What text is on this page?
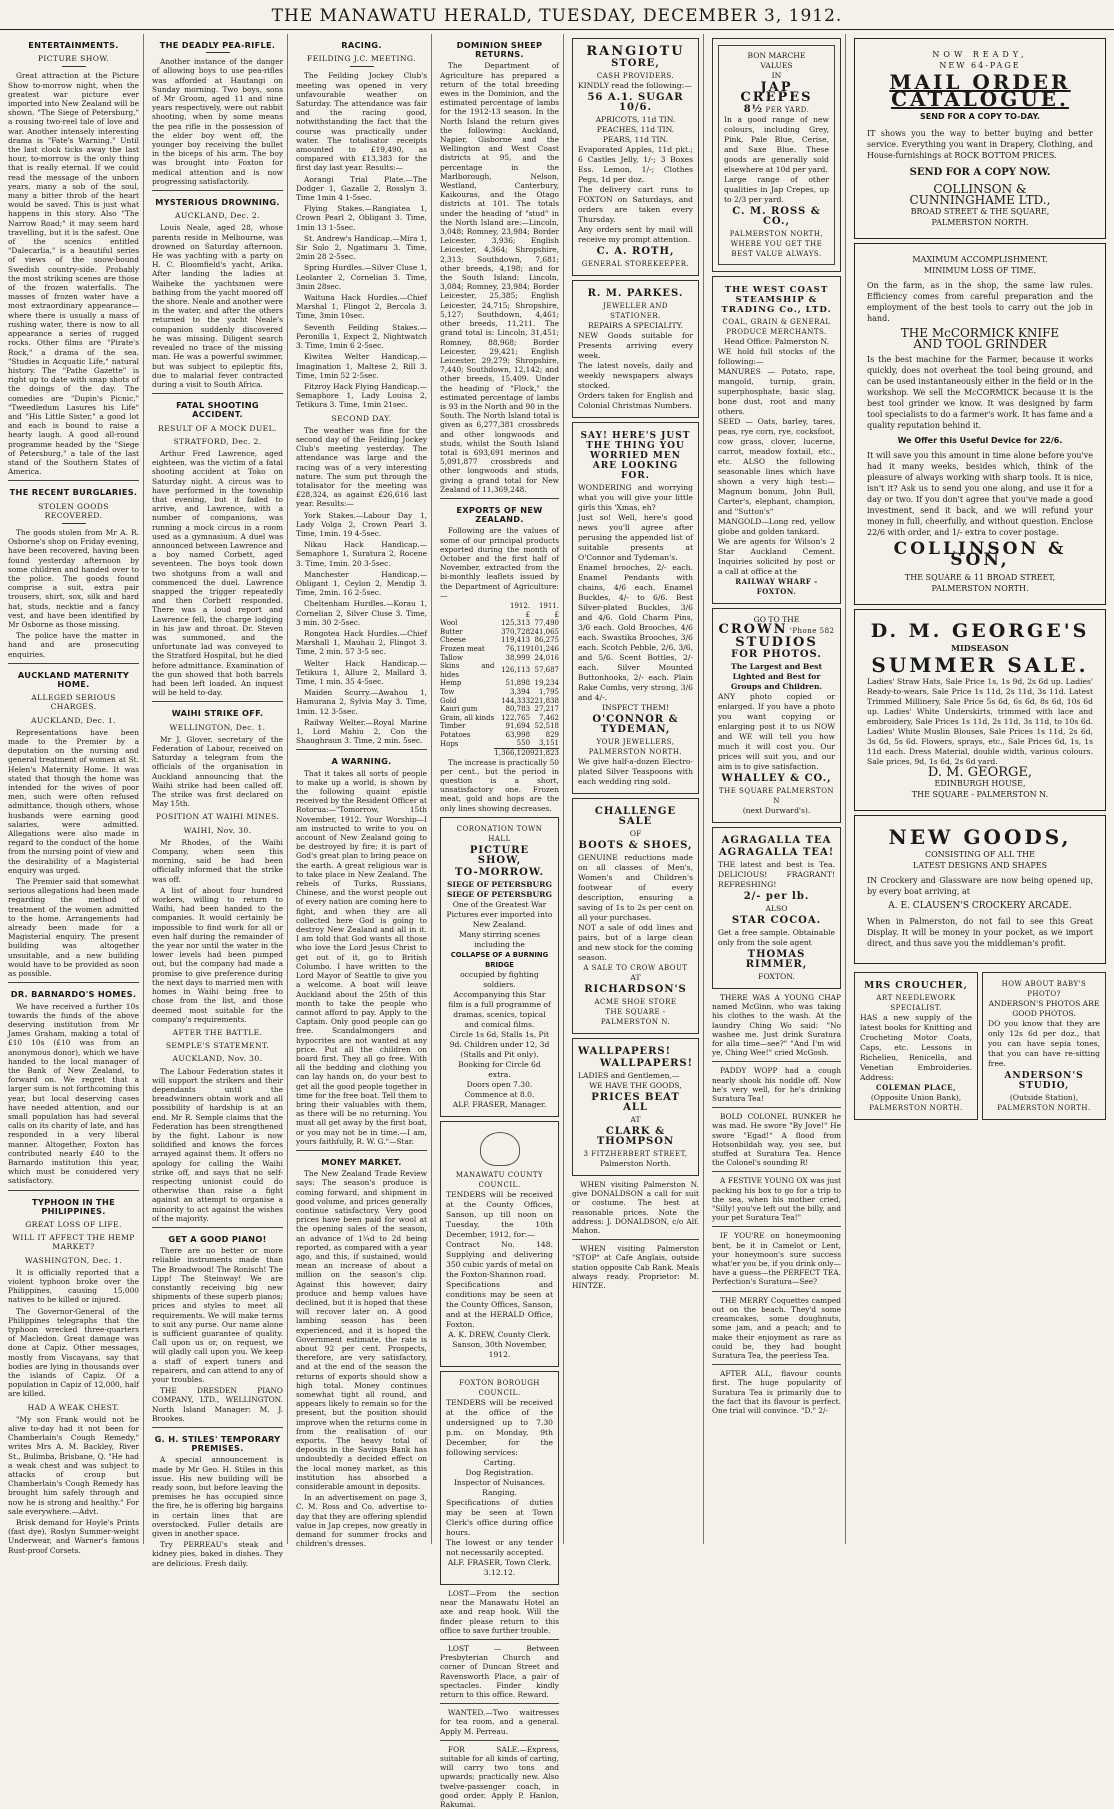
THE MANAWATU HERALD, TUESDAY, DECEMBER 3, 1912.
ENTERTAINMENTS.
PICTURE SHOW.

Great attraction at the Picture Show to-morrow night, when the greatest war picture ever imported into New Zealand will be shown. "The Siege of Petersburg," a rousing two-reel tale of love and war. Another intensely interesting drama is "Fate's Warning." Until the last clock ticks away the last hour, to-morrow is the only thing that is really eternal. If we could read the message of the unborn years, many a sob of the soul, many a bitter throb of the heart would be saved. This is just what happens in this story. Also "The Narrow Road;" it may seem hard travelling, but it is the safest. One of the scenics entitled "Dalecarlia," is a beautiful series of views of the snow-bound Swedish country-side. Probably the most striking scenes are those of the frozen waterfalls. The masses of frozen water have a most extraordinary appearance—where there is usually a mass of rushing water, there is now to all appearance a series of rugged rocks. Other films are "Pirate's Rock," a drama of the sea. "Studies in Acquatic Life," natural history. The "Pathe Gazette" is right up to date with snap shots of the doings of the day. The comedies are "Dupin's Picnic," "Tweedledum Lasures his Life" and "His Little Sister," a good lot and each is bound to raise a hearty laugh. A good all-round programme headed by the "Siege of Petersburg," a tale of the last stand of the Southern States of America.

THE RECENT BURGLARIES.
STOLEN GOODS RECOVERED.

The goods stolen from Mr A. R. Osborne's shop on Friday evening, have been recovered, having been found yesterday afternoon by some children and handed over to the police. The goods found comprise a suit, extra pair trousers, shirt, sox, silk and hard hat, studs, necktie and a fancy vest, and have been identified by Mr Osborne as those missing.

The police have the matter in hand and are prosecuting enquiries.

AUCKLAND MATERNITY HOME.
ALLEGED SERIOUS CHARGES.
AUCKLAND, Dec. 1.

Representations have been made to the Premier by a deputation on the nursing and general treatment of women at St. Helen's Maternity Home. It was stated that though the home was intended for the wives of poor men, such were often refused admittance, though others, whose husbands were earning good salaries, were admitted. Allegations were also made in regard to the conduct of the home from the nursing point of view and the desirability of a Magisterial enquiry was urged.

The Premier said that somewhat serious allegations had been made regarding the method of treatment of the women admitted to the home. Arrangements had already been made for a Magisterial enquiry. The present building was altogether unsuitable, and a new building would have to be provided as soon as possible.

DR. BARNARDO'S HOMES.

We have received a further 10s towards the funds of the above deserving institution from Mr James Graham, making a total of £10 10s (£10 was from an anonymous donor), which we have handed to the local manager of the Bank of New Zealand, to forward on. We regret that a larger sum is not forthcoming this year, but local deserving cases have needed attention, and our small population has had several calls on its charity of late, and has responded in a very liberal manner. Altogether, Foxton has contributed nearly £40 to the Barnardo institution this year, which must be considered very satisfactory.

TYPHOON IN THE PHILIPPINES.
GREAT LOSS OF LIFE.
WILL IT AFFECT THE HEMP MARKET?
WASHINGTON, Dec. 1.

It is officially reported that a violent typhoon broke over the Philippines, causing 15,000 natives to be killed or injured.

The Governor-General of the Philippines telegraphs that the typhoon wrecked three-quarters of Macledon. Great damage was done at Capiz. Other messages, mostly from Viscayans, say that bodies are lying in thousands over the islands of Capiz. Of a population in Capiz of 12,000, half are killed.

HAD A WEAK CHEST.

"My son Frank would not be alive to-day had it not been for Chamberlain's Cough Remedy," writes Mrs A. M. Backley, River St., Bulimba, Brisbane, Q. "He had a weak chest and was subject to attacks of croup but Chamberlain's Cough Remedy has brought him safely through and now he is strong and healthy." For sale everywhere.—Advt.

Brisk demand for Hoyle's Prints (fast dye), Roslyn Summer-weight Underwear, and Warner's famous Rust-proof Corsets.

THE DEADLY PEA-RIFLE.

Another instance of the danger of allowing boys to use pea-rifles was afforded at Hautangi on Sunday morning. Two boys, sons of Mr Groom, aged 11 and nine years respectively, were out rabbit shooting, when by some means the pea rifle in the possession of the elder boy went off, the younger boy receiving the bullet in the biceps of his arm. The boy was brought into Foxton for medical attention and is now progressing satisfactorily.

MYSTERIOUS DROWNING.
AUCKLAND, Dec. 2.

Louis Neale, aged 28, whose parents reside in Melbourne, was drowned on Saturday afternoon. He was yachting with a party on H. C. Bloomfield's yacht, Arika. After landing the ladies at Waiheke the yachtsmen were bathing from the yacht moored off the shore. Neale and another were in the water, and after the others returned to the yacht Neale's companion suddenly discovered he was missing. Diligent search revealed no trace of the missing man. He was a powerful swimmer, but was subject to epileptic fits, due to malarial fever contracted during a visit to South Africa.

FATAL SHOOTING ACCIDENT.
RESULT OF A MOCK DUEL.
STRATFORD, Dec. 2.

Arthur Fred Lawrence, aged eighteen, was the victim of a fatal shooting accident at Toko on Saturday night. A circus was to have performed in the township that evening, but it failed to arrive, and Lawrence, with a number of companions, was running a mock circus in a room used as a gymnasium. A duel was announced between Lawrence and a boy named Corbett, aged seventeen. The boys took down two shotguns from a wall and commenced the duel. Lawrence snapped the trigger repeatedly and then Corbett responded. There was a loud report and Lawrence fell, the charge lodging in his jaw and throat. Dr. Steven was summoned, and the unfortunate lad was conveyed to the Stratford Hospital, but he died before admittance. Examination of the gun showed that both barrels had been left loaded. An inquest will be held to-day.

WAIHI STRIKE OFF.
WELLINGTON, Dec. 1.

Mr J. Glover, secretary of the Federation of Labour, received on Saturday a telegram from the officials of the organisation in Auckland announcing that the Waihi strike had been called off. The strike was first declared on May 15th.

POSITION AT WAIHI MINES.
WAIHI, Nov. 30.

Mr Rhodes, of the Waihi Company, when seen this morning, said he had been officially informed that the strike was off.

A list of about four hundred workers, willing to return to Waihi, had been handed to the companies. It would certainly be impossible to find work for all or even half during the remainder of the year nor until the water in the lower levels had been pumped out, but the company had made a promise to give preference during the next days to married men with homes in Waihi being free to chose from the list, and those deemed most suitable for the company's requirements.

AFTER THE BATTLE.
SEMPLE'S STATEMENT.
AUCKLAND, Nov. 30.

The Labour Federation states it will support the strikers and their dependants until the breadwinners obtain work and all possibility of hardship is at an end. Mr R. Semple claims that the Federation has been strengthened by the fight. Labour is now solidified and knows the forces arrayed against them. It offers no apology for calling the Waihi strike off, and says that no self-respecting unionist could do otherwise than raise a fight against an attempt to organise a minority to act against the wishes of the majority.

GET A GOOD PIANO!

There are no better or more reliable instruments made than The Broadwood! The Ronisch! The Lipp! The Steinway! We are constantly receiving big new shipments of these superb pianos; prices and styles to meet all requirements. We will make terms to suit any purse. Our name alone is sufficient guarantee of quality. Call upon us or, on request, we will gladly call upon you. We keep a staff of expert tuners and repairers, and can attend to any of your troubles.

THE DRESDEN PIANO COMPANY, LTD., WELLINGTON. North Island Manager: M. J. Brookes.

G. H. STILES' TEMPORARY PREMISES.

A special announcement is made by Mr Geo. H. Stiles in this issue. His new building will be ready soon, but before leaving the premises he has occupied since the fire, he is offering big bargains in certain lines that are overstocked. Fuller details are given in another space.

Try PERREAU's steak and kidney pies, baked in dishes. They are delicious. Fresh daily.

RACING.
FEILDING J.C. MEETING.

The Feilding Jockey Club's meeting was opened in very unfavourable weather on Saturday. The attendance was fair and the racing good, notwithstanding the fact that the course was practically under water. The totalisator receipts amounted to £19,490, as compared with £13,383 for the first day last year. Results:—

Aorangi Trial Plate.—The Dodger 1, Gazalle 2, Rosslyn 3. Time 1min 4 1-5sec.

Flying Stakes.—Rangiatea 1, Crown Pearl 2, Obligant 3. Time, 1min 13 1-5sec.

St. Andrew's Handicap.—Mira 1, Sir Solo 2, Ngatimaru 3. Time, 2min 28 2-5sec.

Spring Hurdles.—Silver Cluse 1, Leolanter 2, Cornelian 3. Time, 3min 28sec.

Waituna Hack Hurdles.—Chief Marshal 1, Flingot 2, Bercola 3. Time, 3min 10sec.

Seventh Feilding Stakes.—Peronilla 1, Expect 2, Nightwatch 3. Time, 1min 6 2-5sec.

Kiwitea Welter Handicap.—Imagination 1, Maltese 2, Rill 3. Time, 1min 52 2-5sec.

Fitzroy Hack Flying Handicap.—Semaphore 1, Lady Louisa 2, Tetikura 3. Time, 1min 21sec.

SECOND DAY.

The weather was fine for the second day of the Feilding Jockey Club's meeting yesterday. The attendance was large and the racing was of a very interesting nature. The sum put through the totalisator for the meeting was £28,324, as against £26,616 last year. Results:—

York Stakes.—Labour Day 1, Lady Volga 2, Crown Pearl 3. Time, 1min. 19 4-5sec.

Nikau Hack Handicap.—Semaphore 1, Suratura 2, Rocene 3. Time, 1min. 20 3-5sec.

Manchester Handicap.—Obligant 1, Ceylon 2, Mendip 3. Time, 2min. 16 2-5sec.

Cheltenham Hurdles.—Korau 1, Cornelian 2, Silver Cluse 3. Time, 3 min. 30 2-5sec.

Rongotea Hack Hurdles.—Chief Marshall 1, Mauhau 2, Flingot 3. Time, 2 min. 57 3-5 sec.

Welter Hack Handicap.—Tetikura 1, Allure 2, Mallard 3. Time, 1 min. 35 4-5sec.

Maiden Scurry.—Awahou 1, Hamurana 2, Sylvia May 3. Time, 1min. 12 3-5sec.

Railway Welter.—Royal Marine 1, Lord Mahiu 2, Con the Shaughraun 3. Time, 2 min. 5sec.

A WARNING.

That it takes all sorts of people to make up a world, is shown by the following quaint epistle received by the Resident Officer at Rotorua:—"Tomorrow, 15th November, 1912. Your Worship—I am instructed to write to you on account of New Zealand going to be destroyed by fire; it is part of God's great plan to bring peace on the earth. A great religious war is to take place in New Zealand. The rebels of Turks, Russians, Chinese, and the worst people out of every nation are coming here to fight, and when they are all collected here God is going to destroy New Zealand and all in it. I am told that God wants all those who love the Lord Jesus Christ to get out of it, go to British Columbo. I have written to the Lord Mayor of Seattle to give you a welcome. A boat will leave Auckland about the 25th of this month to take the people who cannot afford to pay. Apply to the Captain. Only good people can go free. Scandalmongers and hypocrites are not wanted at any price. Put all the children on board first. They all go free. With all the bedding and clothing you can lay hands on, do your best to get all the good people together in time for the free boat. Tell them to bring their valuables with them, as there will be no returning. You must all get away by the first boat, or you may not be in time.—I am, yours faithfully, R. W. G."—Star.

MONEY MARKET.

The New Zealand Trade Review says: The season's produce is coming forward, and shipment in good volume, and prices generally continue satisfactory. Very good prices have been paid for wool at the opening sales of the season, an advance of 1¼d to 2d being reported, as compared with a year ago, and this, if sustained, would mean an increase of about a million on the season's clip. Against this however, dairy produce and hemp values have declined, but it is hoped that these will recover later on. A good lambing season has been experienced, and it is hoped the Government estimate, the rate is about 92 per cent. Prospects, therefore, are very satisfactory, and at the end of the season the returns of exports should show a high total. Money continues somewhat tight all round, and appears likely to remain so for the present, but the position should improve when the returns come in from the realisation of our exports. The heavy total of deposits in the Savings Bank has undoubtedly a decided effect on the local money market, as this institution has absorbed a considerable amount in deposits.

In an advertisement on page 3, C. M. Ross and Co. advertise to-day that they are offering splendid value in Jap crepes, now greatly in demand for summer frocks and children's dresses.

DOMINION SHEEP RETURNS.

The Department of Agriculture has prepared a return of the total breeding ewes in the Dominion, and the estimated percentage of lambs for the 1912-13 season. In the North Island the return gives the following: Auckland, Napier, Gisborne and the Wellington and West Coast districts at 95, and the percentage in the Marlborough, Nelson, Westland, Canterbury, Kaikouras, and the Otago districts at 101. The totals under the heading of "stud" in the North Island are:—Lincoln, 3,048; Romney, 23,984; Border Leicester, 3,936; English Leicester, 4,364; Shropshire, 2,313; Southdown, 7,681; other breeds, 4,198; and for the South Island: Lincoln, 3,084; Romney, 23,984; Border Leicester, 25,385; English Leicester, 24,715; Shropshire, 5,127; Southdown, 4,461; other breeds, 11,211. The grand total is: Lincoln, 31,451; Romney, 88,968; Border Leicester, 29,421; English Leicester, 29,279; Shropshire, 7,440; Southdown, 12,142; and other breeds, 15,409. Under the heading of "Flock," the estimated percentage of lambs is 93 in the North and 90 in the South. The North Island total is given as 6,277,381 crossbreds and other longwoods and studs, whilst the South Island total is 693,691 merinos and 5,091,877 crossbreds and other longwoods and studs, giving a grand total for New Zealand of 11,369,248.

EXPORTS OF NEW ZEALAND.

Following are the values of some of our principal products exported during the month of October and the first half of November, extracted from the bi-monthly leaflets issued by the Department of Agriculture:—

	1912.	1911.
	£	£
Wool	125,313	77,490
Butter	370,728	241,065
Cheese	119,413	86,275
Frozen meat	76,119	101,246
Tallow	38,999	24,016
Skins and hides	126,113	57,687
Hemp	51,898	19,234
Tow	3,394	1,795
Gold	144,333	221,838
Kauri gum	80,783	27,217
Grain, all kinds	122,765	7,462
Timber	91,694	52,518
Potatoes	63,998	829
Hops	550	3,151
	1,366,120	921,823

The increase is practically 50 per cent., but the period in question is a short, unsatisfactory one. Frozen meat, gold and hops are the only lines showing decreases.

CORONATION TOWN HALL
PICTURE SHOW,
TO-MORROW.
SIEGE OF PETERSBURG
SIEGE OF PETERSBURG
One of the Greatest War Pictures ever imported into New Zealand.
Many stirring scenes including the
COLLAPSE OF A BURNING BRIDGE
occupied by fighting soldiers.
Accompanying this Star film is a full programme of dramas, scenics, topical and comical films.
Circle 1s 6d, Stalls 1s, Pit 9d. Children under 12, 3d (Stalls and Pit only). Booking for Circle 6d extra.
Doors open 7.30. Commence at 8.0.
ALF. FRASER, Manager.
MANAWATU COUNTY COUNCIL.

TENDERS will be received at the County Offices, Sanson, up till noon on Tuesday, the 10th December, 1912, for:—

Contract No. 148. Supplying and delivering 350 cubic yards of metal on the Foxton-Shannon road.

Specifications and conditions may be seen at the County Offices, Sanson, and at the HERALD Office, Foxton.

A. K. DREW, County Clerk.
Sanson, 30th November, 1912.
FOXTON BOROUGH COUNCIL.

TENDERS will be received at the office of the undersigned up to 7.30 p.m. on Monday, 9th December, for the following services:

Carting.
Dog Registration.
Inspector of Nuisances.
Ranging.

Specifications of duties may be seen at Town Clerk's office during office hours.

The lowest or any tender not necessarily accepted.

ALF. FRASER, Town Clerk.
3.12.12.

LOST—From the section near the Manawatu Hotel an axe and reap hook. Will the finder please return to this office to save further trouble.

LOST — Between Presbyterian Church and corner of Duncan Street and Ravensworth Place, a pair of spectacles. Finder kindly return to this office. Reward.

WANTED.—Two waitresses for tea room, and a general. Apply M. Perreau.

FOR SALE.—Express, suitable for all kinds of carting, will carry two tons and upwards; practically new. Also twelve-passenger coach, in good order. Apply P. Hanlon, Rakumai.

RANGIOTU
STORE,
CASH PROVIDERS.

KINDLY read the following:—

56 A.1. SUGAR 10/6.
APRICOTS, 11d TIN.
PEACHES, 11d TIN.
PEARS, 11d TIN.

Evaporated Apples, 11d pkt.; 6 Castles Jelly, 1/-; 3 Boxes Ess. Lemon, 1/-; Clothes Pegs, 1d per doz.

The delivery cart runs to FOXTON on Saturdays, and orders are taken every Thursday.

Any orders sent by mail will receive my prompt attention.

C. A. ROTH,
GENERAL STOREKEEPER.
R. M. PARKES.
JEWELLER AND STATIONER.
REPAIRS A SPECIALITY.

NEW Goods suitable for Presents arriving every week.

The latest novels, daily and weekly newspapers always stocked.

Orders taken for English and Colonial Christmas Numbers.

SAY! HERE'S JUST THE THING YOU WORRIED MEN ARE LOOKING FOR.

WONDERING and worrying what you will give your little girls this 'Xmas, eh?

Just so! Well, here's good news you'll agree after perusing the appended list of suitable presents at O'Connor and Tydeman's.

Enamel brooches, 2/- each. Enamel Pendants with chains, 4/6 each. Enamel Buckles, 4/- to 6/6. Best Silver-plated Buckles, 3/6 and 4/6. Gold Charm Pins, 3/6 each. Gold Brooches, 4/6 each. Swastika Brooches, 3/6 each. Scotch Pebble, 2/6, 3/6, and 5/6. Scent Bottles, 2/- each. Silver Mounted Buttonhooks, 2/- each. Plain Rake Combs, very strong, 3/6 and 4/-.

INSPECT THEM!
O'CONNOR & TYDEMAN,
YOUR JEWELLERS,
PALMERSTON NORTH.

We give half-a-dozen Electro-plated Silver Teaspoons with each wedding ring sold.

CHALLENGE SALE
OF
BOOTS & SHOES,

GENUINE reductions made on all classes of Men's, Women's and Children's footwear of every description, ensuring a saving of 1s to 2s per cent on all your purchases.

NOT a sale of odd lines and pairs, but of a large clean and new stock for the coming season.

A SALE TO CROW ABOUT
AT
RICHARDSON'S
ACME SHOE STORE
THE SQUARE - PALMERSTON N.
WALLPAPERS!
WALLPAPERS!

LADIES and Gentlemen,—

WE HAVE THE GOODS,
PRICES BEAT ALL
AT
CLARK & THOMPSON
3 FITZHERBERT STREET,
Palmerston North.

WHEN visiting Palmerston N. give DONALDSON a call for suit or costume. The best at reasonable prices. Note the address: J. DONALDSON, c/o Alf. Mahon.

WHEN visiting Palmerston "STOP" at Cafe Anglais, outside station opposite Cab Rank. Meals always ready. Proprietor: M. HINTZE.

BON MARCHE
VALUES
IN
JAP CREPES
8½ PER YARD.

In a good range of new colours, including Grey, Pink, Pale Blue, Cerise, and Saxe Blue. These goods are generally sold elsewhere at 10d per yard.

Large range of other qualities in Jap Crepes, up to 2/3 per yard.

C. M. ROSS & CO.,
PALMERSTON NORTH,
WHERE YOU GET THE
BEST VALUE ALWAYS.
THE WEST COAST STEAMSHIP & TRADING Co., LTD.
COAL, GRAIN & GENERAL PRODUCE MERCHANTS.
Head Office: Palmerston N.

WE hold full stocks of the following:—

MANURES — Potato, rape, mangold, turnip, grain, superphosphate, basic slag, bone dust, root and many others.

SEED — Oats, barley, tares, peas, rye corn, rye, cocksfoot, cow grass, clover, lucerne, carrot, meadow foxtail, etc., etc. ALSO the following seasonable lines which have shown a very high test:— Magnum bonum, John Bull, Carter's, elephant, champion, and "Sutton's"

MANGOLD—Long red, yellow globe and golden tankard.

We are agents for Wilson's 2 Star Auckland Cement. Inquiries solicited by post or a call at office at the

RAILWAY WHARF - FOXTON.
GO TO THE
CROWN 'Phone 582
STUDIOS
FOR PHOTOS.
The Largest and Best Lighted and Best for Groups and Children.

ANY photo copied or enlarged. If you have a photo you want copying or enlarging post it to us NOW and WE will tell you how much it will cost you. Our prices will suit you, and our aim is to give satisfaction.

WHALLEY & CO.,
THE SQUARE PALMERSTON N
(next Durward's).
AGRAGALLA TEA
AGRAGALLA TEA!

THE latest and best is Tea. DELICIOUS! FRAGRANT! REFRESHING!

2/- per lb.
ALSO
STAR COCOA.

Get a free sample. Obtainable only from the sole agent

THOMAS RIMMER,
FOXTON.

THERE WAS A YOUNG CHAP named McGinn, who was taking his clothes to the wash. At the laundry Ching Wo said: "No washee me. Just drink Suratura for alla time—see?" "And I'm wid ye, Ching Wee!" cried McGosh.

PADDY WOPP had a cough nearly shook his noddle off. Now he's very well, for he's drinking Suratura Tea!

BOLD COLONEL BUNKER he was mad. He swore "By Jove!" He swore "Egad!" A flood from Hotsonbildah way, you see, but stuffed at Suratura Tea. Hence the Colonel's sounding R!

A FESTIVE YOUNG OX was just packing his box to go for a trip to the sea, when his mother cried, "Silly! you've left out the billy, and your pet Suratura Tea!"

IF YOU'RE on honeymooning bent, be it in Camelot or Lent, your honeymoon's sure success what'er you be, if you drink only—have a guess—the PERFECT TEA. Perfection's Suratura—See?

THE MERRY Coquettes camped out on the beach. They'd some creamcakes, some doughnuts, some jam, and a peach; and to make their enjoyment as rare as could be, they had bought Suratura Tea, the peerless Tea.

AFTER ALL, flavour counts first. The huge popularity of Suratura Tea is primarily due to the fact that its flavour is perfect. One trial will convince. "D." 2/-

NOW READY,
NEW 64-PAGE
MAIL ORDER
CATALOGUE.
SEND FOR A COPY TO-DAY.

IT shows you the way to better buying and better service. Everything you want in Drapery, Clothing, and House-furnishings at ROCK BOTTOM PRICES.

SEND FOR A COPY NOW.
COLLINSON &
CUNNINGHAME LTD.,
BROAD STREET & THE SQUARE,
PALMERSTON NORTH.
MAXIMUM ACCOMPLISHMENT.
MINIMUM LOSS OF TIME.

On the farm, as in the shop, the same law rules. Efficiency comes from careful preparation and the employment of the best tools to carry out the job in hand.

THE McCORMICK KNIFE
AND TOOL GRINDER

Is the best machine for the Farmer, because it works quickly, does not overheat the tool being ground, and can be used instantaneously either in the field or in the workshop. We sell the McCORMICK because it is the best tool grinder we know. It was designed by farm tool specialists to do a farmer's work. It has fame and a quality reputation behind it.

We Offer this Useful Device for 22/6.

It will save you this amount in time alone before you've had it many weeks, besides which, think of the pleasure of always working with sharp tools. It is nice, isn't it? Ask us to send you one along, and use it for a day or two. If you don't agree that you've made a good investment, send it back, and we will refund your money in full, cheerfully, and without question. Enclose 22/6 with order, and 1/- extra to cover postage.

COLLINSON & SON,
THE SQUARE & 11 BROAD STREET,
PALMERSTON NORTH.
D. M. GEORGE'S
MIDSEASON
SUMMER SALE.

Ladies' Straw Hats, Sale Price 1s, 1s 9d, 2s 6d up. Ladies' Ready-to-wears, Sale Price 1s 11d, 2s 11d, 3s 11d. Latest Trimmed Millinery, Sale Price 5s 6d, 6s 6d, 8s 6d, 10s 6d up. Ladies' White Underskirts, trimmed with lace and embroidery, Sale Prices 1s 11d, 2s 11d, 3s 11d, to 10s 6d. Ladies' White Muslin Blouses, Sale Prices 1s 11d, 2s 6d, 3s 6d, 5s 6d. Flowers, sprays, etc., Sale Prices 6d, 1s, 1s 11d each. Dress Material, double width, various colours. Sale prices, 9d, 1s 6d, 2s 6d yard.

D. M. GEORGE,
EDINBURGH HOUSE,
THE SQUARE - PALMERSTON N.
NEW GOODS,
CONSISTING OF ALL THE
LATEST DESIGNS AND SHAPES

IN Crockery and Glassware are now being opened up, by every boat arriving, at

A. E. CLAUSEN'S CROCKERY ARCADE.

When in Palmerston, do not fail to see this Great Display. It will be money in your pocket, as we import direct, and thus save you the middleman's profit.

MRS CROUCHER,
ART NEEDLEWORK
SPECIALIST.

HAS a new supply of the latest books for Knitting and Crocheting Motor Coats, Caps, etc. Lessons in Richelieu, Renicella, and Venetian Embroideries. Address:

COLEMAN PLACE,
(Opposite Union Bank),
PALMERSTON NORTH.
HOW ABOUT BABY'S PHOTO?
ANDERSON'S PHOTOS ARE GOOD PHOTOS.

DO you know that they are only 12s 6d per doz., that you can have sepia tones, that you can have re-sitting free.

ANDERSON'S STUDIO,
(Outside Station),
PALMERSTON NORTH.
